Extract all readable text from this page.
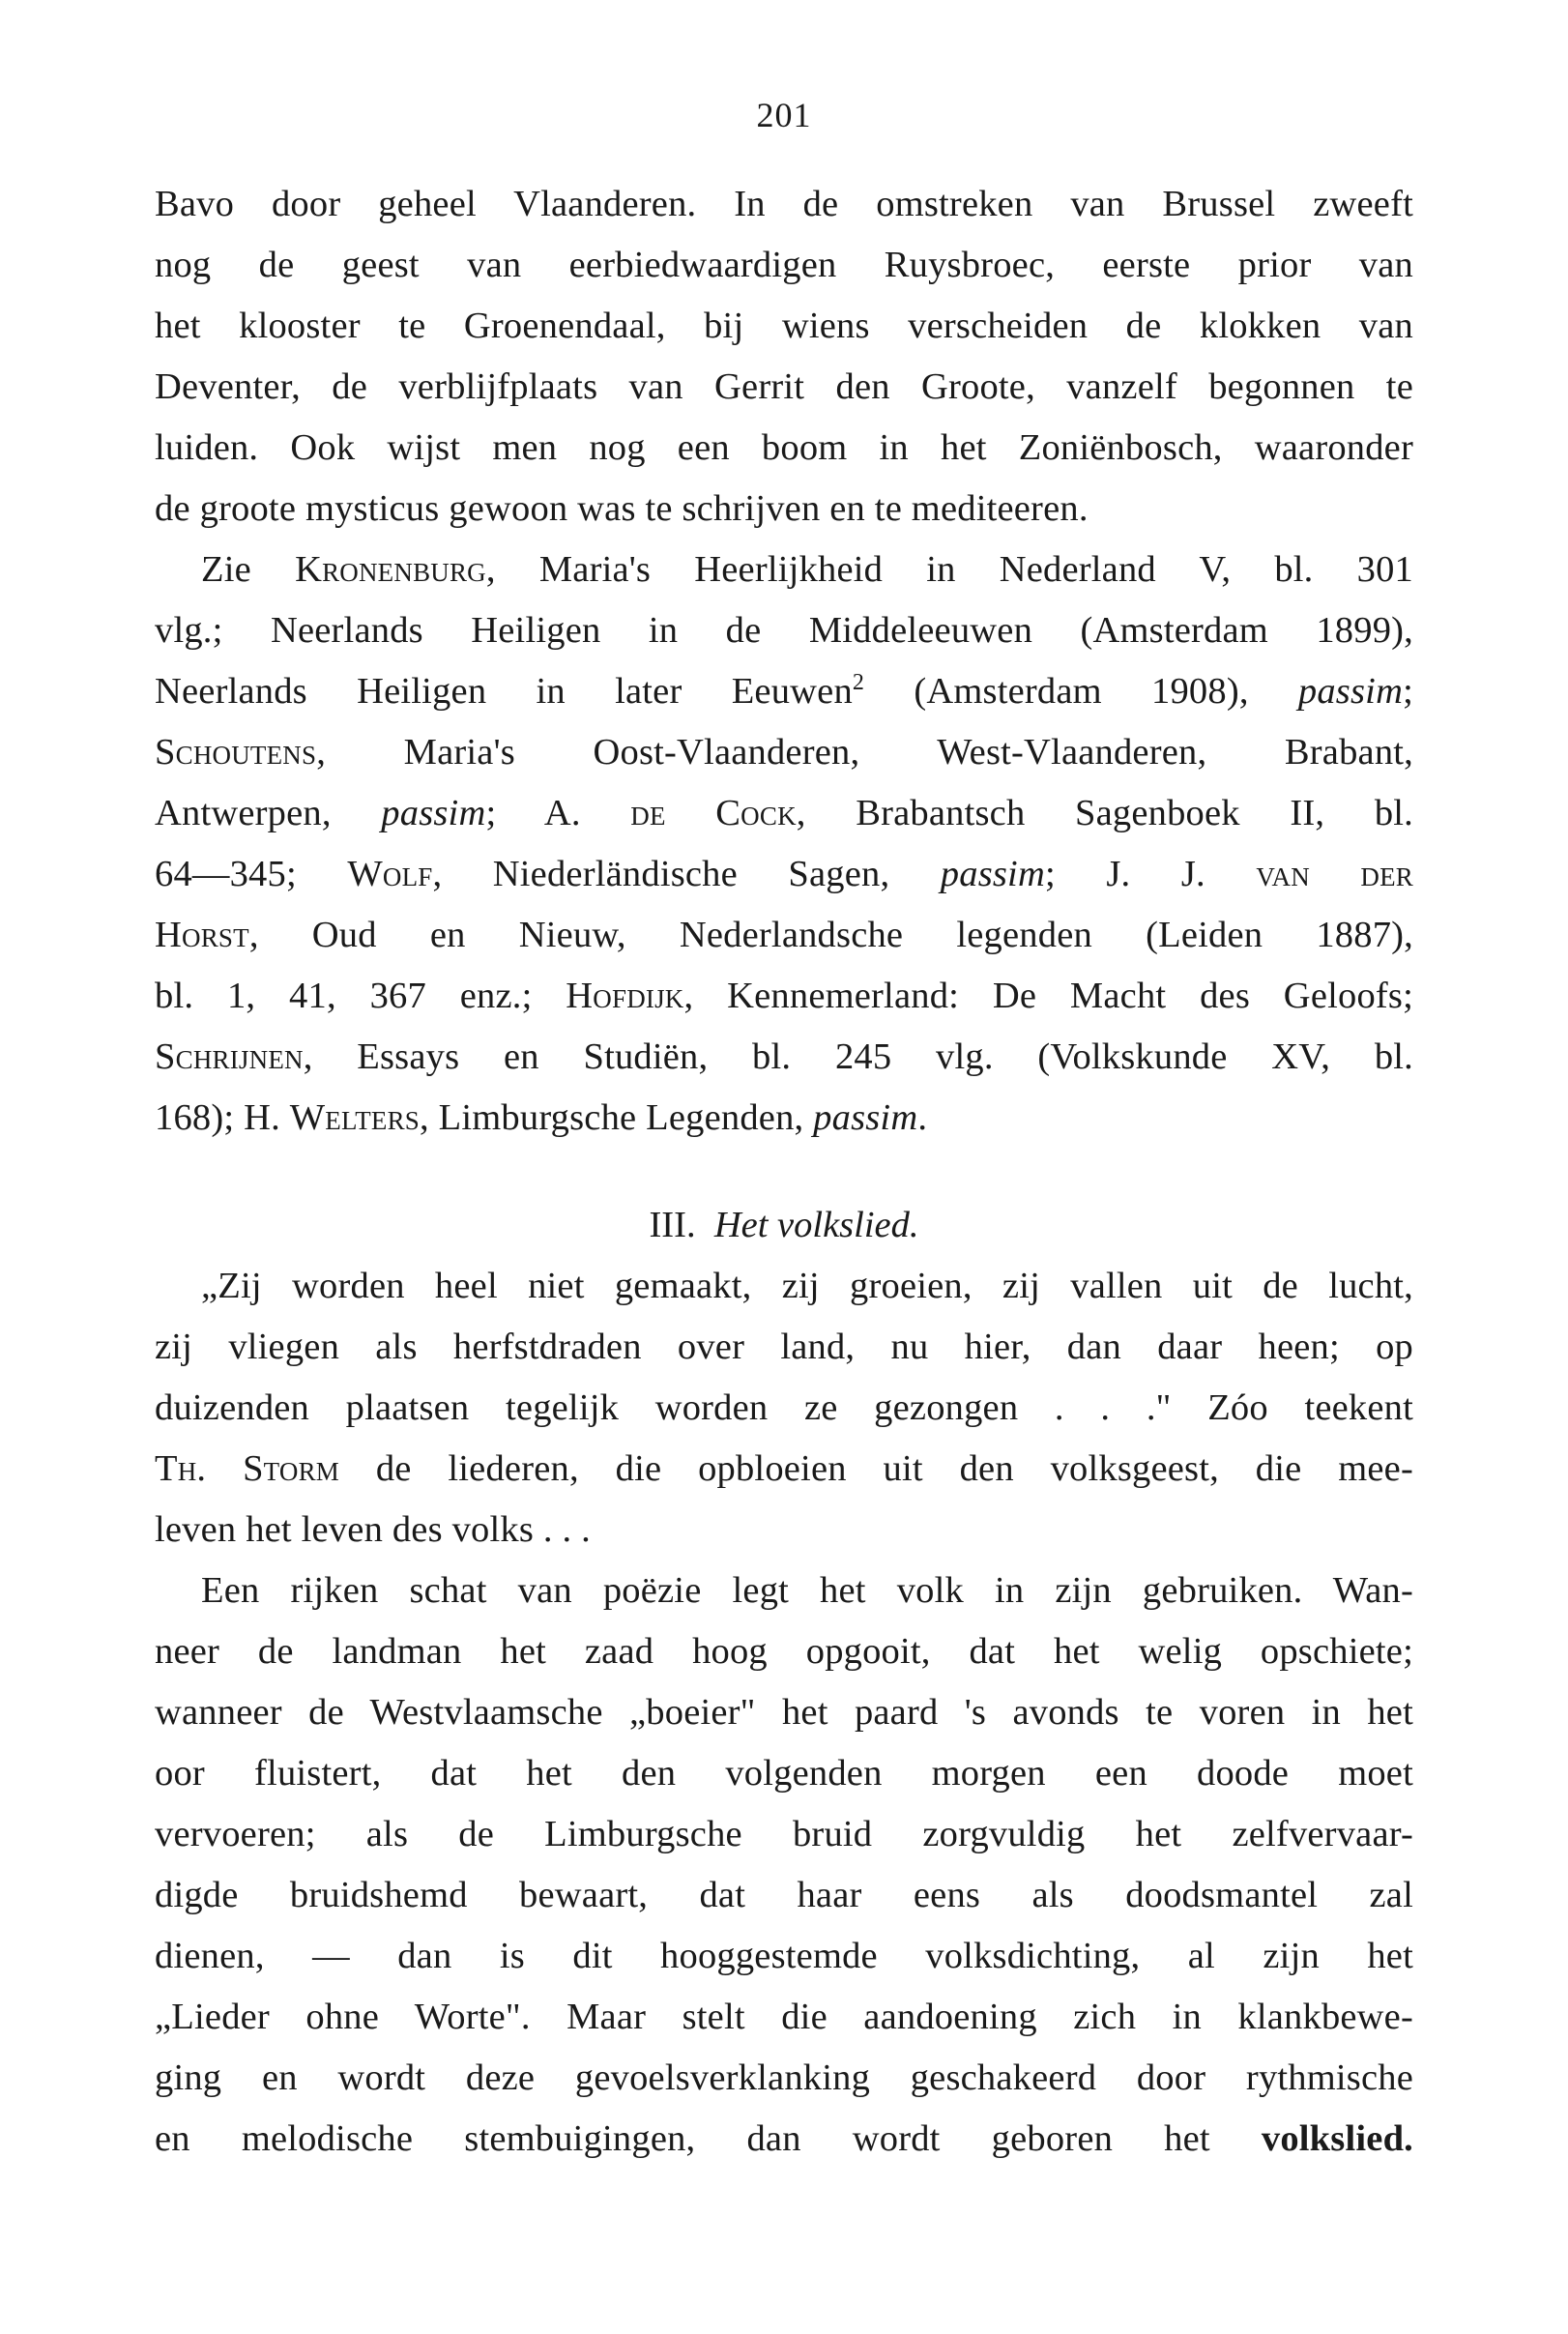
201
Bavo door geheel Vlaanderen. In de omstreken van Brussel zweeft
nog de geest van eerbiedwaardigen Ruysbroec, eerste prior van
het klooster te Groenendaal, bij wiens verscheiden de klokken van
Deventer, de verblijfplaats van Gerrit den Groote, vanzelf begonnen te
luiden. Ook wijst men nog een boom in het Zoniënbosch, waaronder
de groote mysticus gewoon was te schrijven en te mediteeren.
Zie Kronenburg, Maria's Heerlijkheid in Nederland V, bl. 301
vlg.; Neerlands Heiligen in de Middeleeuwen (Amsterdam 1899),
Neerlands Heiligen in later Eeuwen$^2$ (Amsterdam 1908), passim;
Schoutens, Maria's Oost-Vlaanderen, West-Vlaanderen, Brabant,
Antwerpen, passim; A. de Cock, Brabantsch Sagenboek II, bl.
64—345; Wolf, Niederländische Sagen, passim; J. J. van der
Horst, Oud en Nieuw, Nederlandsche legenden (Leiden 1887),
bl. 1, 41, 367 enz.; Hofdijk, Kennemerland: De Macht des Geloofs;
Schrijnen, Essays en Studiën, bl. 245 vlg. (Volkskunde XV, bl.
168); H. Welters, Limburgsche Legenden, passim.
III. Het volkslied.
„Zij worden heel niet gemaakt, zij groeien, zij vallen uit de lucht,
zij vliegen als herfstdraden over land, nu hier, dan daar heen; op
duizenden plaatsen tegelijk worden ze gezongen . . ." Zóo teekent
Th. Storm de liederen, die opbloeien uit den volksgeest, die mee-
leven het leven des volks . . .
Een rijken schat van poëzie legt het volk in zijn gebruiken. Wan-
neer de landman het zaad hoog opgooit, dat het welig opschiete;
wanneer de Westvlaamsche „boeier" het paard 's avonds te voren in het
oor fluistert, dat het den volgenden morgen een doode moet
vervoeren; als de Limburgsche bruid zorgvuldig het zelfvervaar-
digde bruidshemd bewaart, dat haar eens als doodsmantel zal
dienen, — dan is dit hooggestemde volksdichting, al zijn het
„Lieder ohne Worte". Maar stelt die aandoening zich in klankbewe-
ging en wordt deze gevoelsverklanking geschakeerd door rythmische
en melodische stembuigingen, dan wordt geboren het volkslied.
